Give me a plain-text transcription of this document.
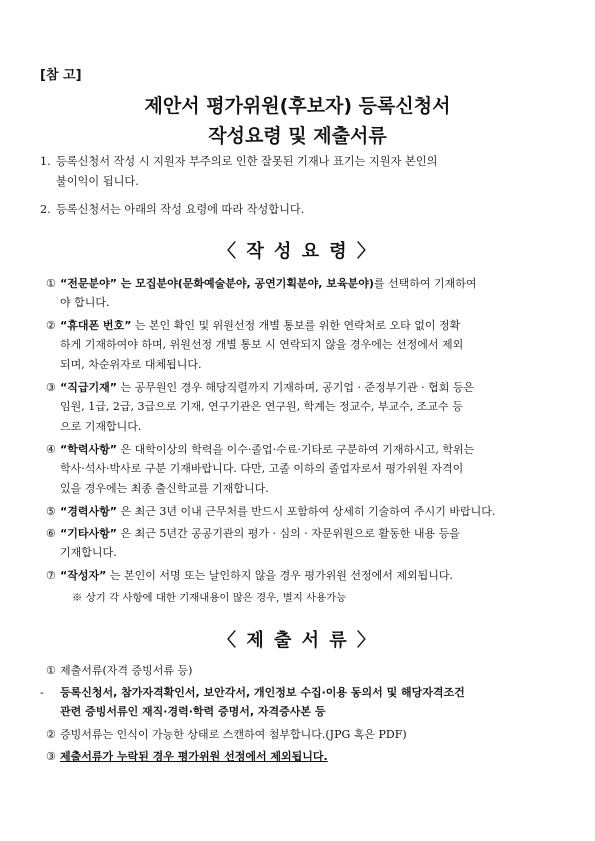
[참 고]
제안서 평가위원(후보자) 등록신청서
작성요령 및 제출서류
1. 등록신청서 작성 시 지원자 부주의로 인한 잘못된 기재나 표기는 지원자 본인의
불이익이 됩니다.
2. 등록신청서는 아래의 작성 요령에 따라 작성합니다.
〈 작 성 요 령 〉
① “전문분야” 는 모집분야(문화예술분야, 공연기획분야, 보육분야)를 선택하여 기재하여
야 합니다.
② “휴대폰 번호” 는 본인 확인 및 위원선정 개별 통보를 위한 연락처로 오타 없이 정확
하게 기재하여야 하며, 위원선정 개별 통보 시 연락되지 않을 경우에는 선정에서 제외
되며, 차순위자로 대체됩니다.
③ “직급기재” 는 공무원인 경우 해당직렬까지 기재하며, 공기업 · 준정부기관 · 협회 등은
임원, 1급, 2급, 3급으로 기재, 연구기관은 연구원, 학계는 정교수, 부교수, 조교수 등
으로 기재합니다.
④ “학력사항” 은 대학이상의 학력을 이수·졸업·수료·기타로 구분하여 기재하시고, 학위는
학사·석사·박사로 구분 기재바랍니다. 다만, 고졸 이하의 졸업자로서 평가위원 자격이
있을 경우에는 최종 출신학교를 기재합니다.
⑤ “경력사항” 은 최근 3년 이내 근무처를 반드시 포함하여 상세히 기술하여 주시기 바랍니다.
⑥ “기타사항” 은 최근 5년간 공공기관의 평가 · 심의 · 자문위원으로 활동한 내용 등을
기재합니다.
⑦ “작성자” 는 본인이 서명 또는 날인하지 않을 경우 평가위원 선정에서 제외됩니다.
※ 상기 각 사항에 대한 기재내용이 많은 경우, 별지 사용가능
〈 제 출 서 류 〉
① 제출서류(자격 증빙서류 등)
- 등록신청서, 참가자격확인서, 보안각서, 개인정보 수집·이용 동의서 및 해당자격조건
관련 증빙서류인 재직·경력·학력 증명서, 자격증사본 등
② 증빙서류는 인식이 가능한 상태로 스캔하여 첨부합니다.(JPG 혹은 PDF)
③ 제출서류가 누락된 경우 평가위원 선정에서 제외됩니다.
